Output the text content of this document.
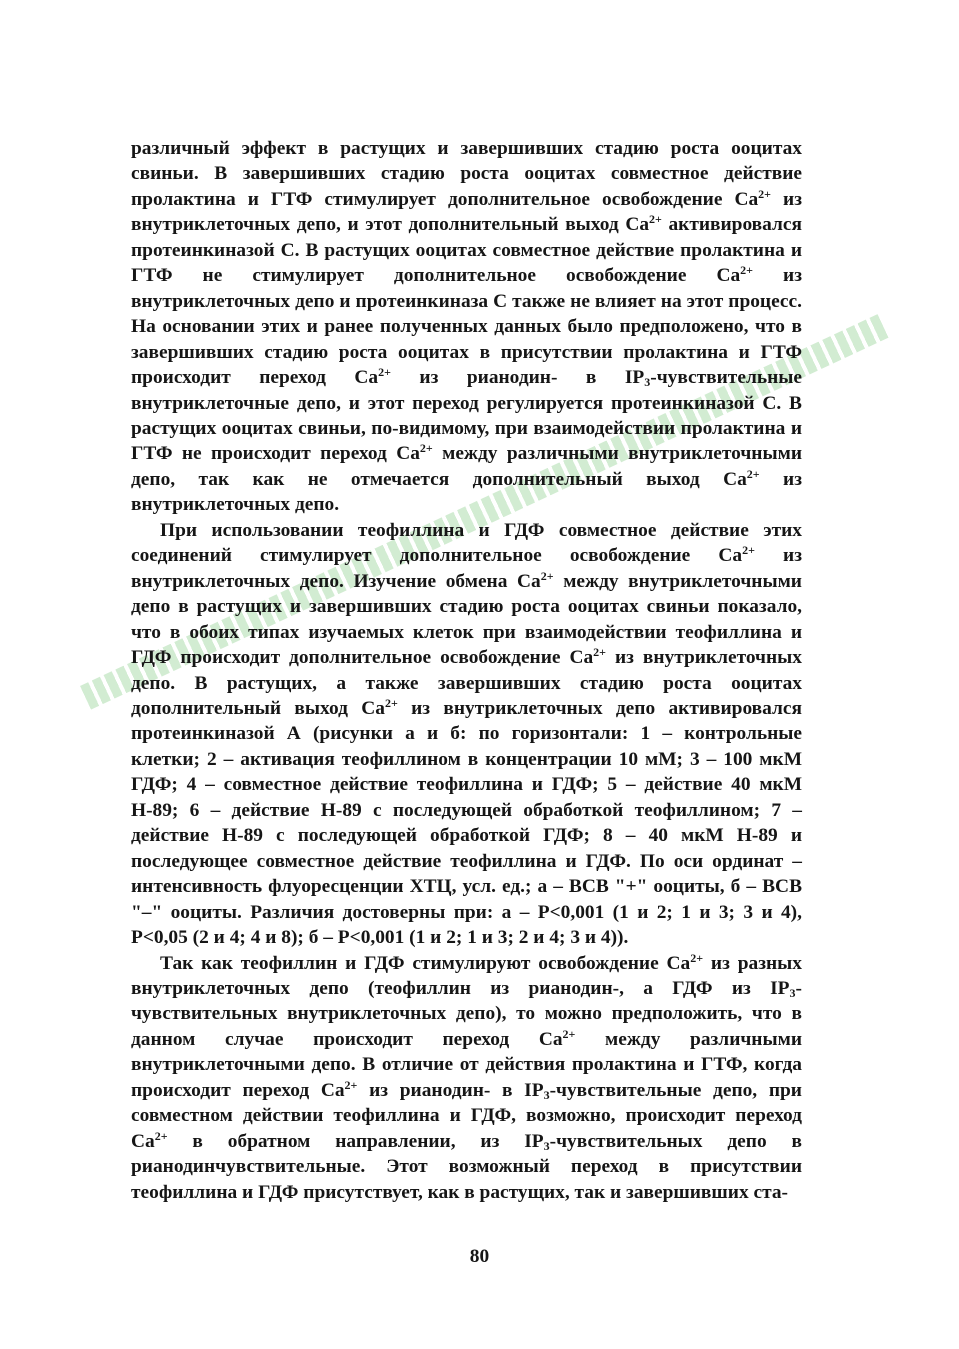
различный эффект в растущих и завершивших стадию роста ооцитах свиньи. В завершивших стадию роста ооцитах совместное действие пролактина и ГТФ стимулирует дополнительное освобождение $Ca^{2+}$ из внутриклеточных депо, и этот дополнительный выход $Ca^{2+}$ активировался протеинкиназой С. В растущих ооцитах совместное действие пролактина и ГТФ не стимулирует дополнительное освобождение $Ca^{2+}$ из внутриклеточных депо и протеинкиназа С также не влияет на этот процесс. На основании этих и ранее полученных данных было предположено, что в завершивших стадию роста ооцитах в присутствии пролактина и ГТФ происходит переход $Ca^{2+}$ из рианодин- в $IP_3$-чувствительные внутриклеточные депо, и этот переход регулируется протеинкиназой С. В растущих ооцитах свиньи, по-видимому, при взаимодействии пролактина и ГТФ не происходит переход $Ca^{2+}$ между различными внутриклеточными депо, так как не отмечается дополнительный выход $Ca^{2+}$ из внутриклеточных депо.

При использовании теофиллина и ГДФ совместное действие этих соединений стимулирует дополнительное освобождение $Ca^{2+}$ из внутриклеточных депо. Изучение обмена $Ca^{2+}$ между внутриклеточными депо в растущих и завершивших стадию роста ооцитах свиньи показало, что в обоих типах изучаемых клеток при взаимодействии теофиллина и ГДФ происходит дополнительное освобождение $Ca^{2+}$ из внутриклеточных депо. В растущих, а также завершивших стадию роста ооцитах дополнительный выход $Ca^{2+}$ из внутриклеточных депо активировался протеинкиназой А (рисунки а и б: по горизонтали: 1 – контрольные клетки; 2 – активация теофиллином в концентрации 10 мМ; 3 – 100 мкМ ГДФ; 4 – совместное действие теофиллина и ГДФ; 5 – действие 40 мкМ Н-89; 6 – действие Н-89 с последующей обработкой теофиллином; 7 – действие Н-89 с последующей обработкой ГДФ; 8 – 40 мкМ Н-89 и последующее совместное действие теофиллина и ГДФ. По оси ординат – интенсивность флуоресценции ХТЦ, усл. ед.; а – ВСВ "+" ооциты, б – ВСВ "–" ооциты. Различия достоверны при: а – Р<0,001 (1 и 2; 1 и 3; 3 и 4), Р<0,05 (2 и 4; 4 и 8); б – Р<0,001 (1 и 2; 1 и 3; 2 и 4; 3 и 4)).

Так как теофиллин и ГДФ стимулируют освобождение $Ca^{2+}$ из разных внутриклеточных депо (теофиллин из рианодин-, а ГДФ из $IP_3$-чувствительных внутриклеточных депо), то можно предположить, что в данном случае происходит переход $Ca^{2+}$ между различными внутриклеточными депо. В отличие от действия пролактина и ГТФ, когда происходит переход $Ca^{2+}$ из рианодин- в $IP_3$-чувствительные депо, при совместном действии теофиллина и ГДФ, возможно, происходит переход $Ca^{2+}$ в обратном направлении, из $IP_3$-чувствительных депо в рианодинчувствительные. Этот возможный переход в присутствии теофиллина и ГДФ присутствует, как в растущих, так и завершивших ста-

80
